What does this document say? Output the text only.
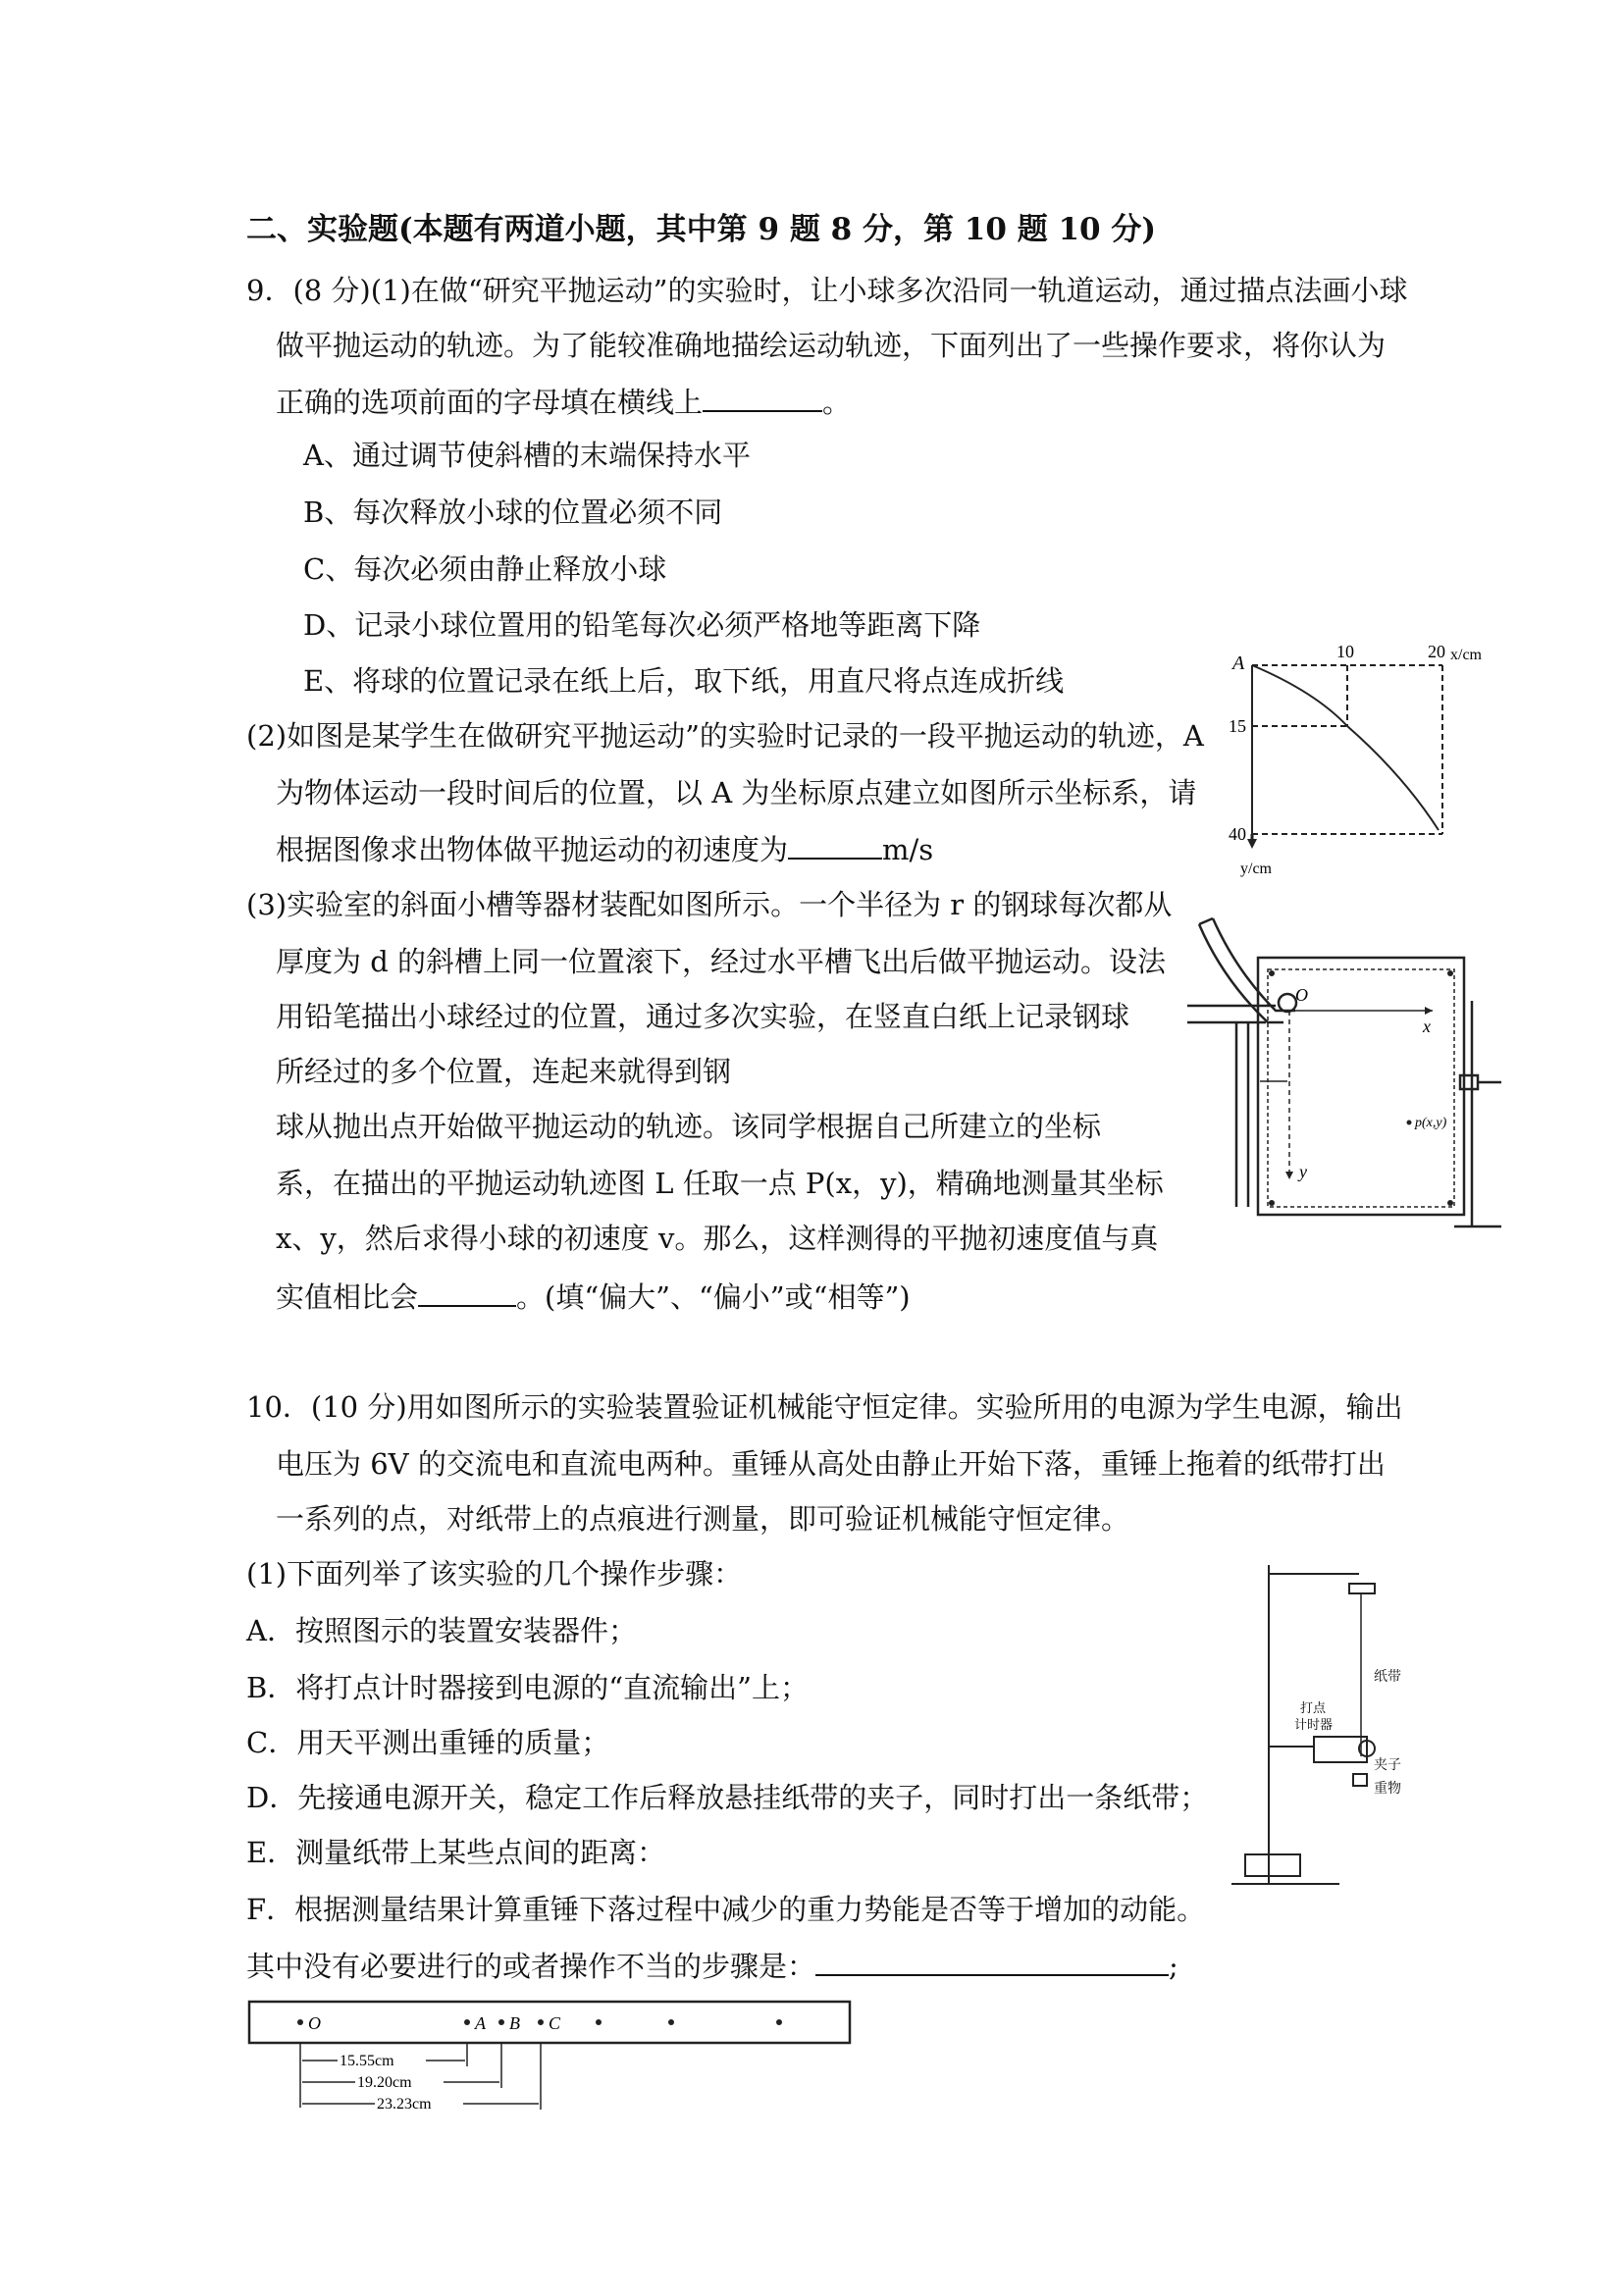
二、实验题(本题有两道小题，其中第 9 题 8 分，第 10 题 10 分)
9．(8 分)(1)在做“研究平抛运动”的实验时，让小球多次沿同一轨道运动，通过描点法画小球
做平抛运动的轨迹。为了能较准确地描绘运动轨迹，下面列出了一些操作要求，将你认为
正确的选项前面的字母填在横线上	。
A、通过调节使斜槽的末端保持水平
B、每次释放小球的位置必须不同
C、每次必须由静止释放小球
D、记录小球位置用的铅笔每次必须严格地等距离下降
E、将球的位置记录在纸上后，取下纸，用直尺将点连成折线
(2)如图是某学生在做研究平抛运动”的实验时记录的一段平抛运动的轨迹，A
为物体运动一段时间后的位置，以 A 为坐标原点建立如图所示坐标系，请
根据图像求出物体做平抛运动的初速度为	m/s
(3)实验室的斜面小槽等器材装配如图所示。一个半径为 r 的钢球每次都从
厚度为 d 的斜槽上同一位置滚下，经过水平槽飞出后做平抛运动。设法
用铅笔描出小球经过的位置，通过多次实验，在竖直白纸上记录钢球
所经过的多个位置，连起来就得到钢
球从抛出点开始做平抛运动的轨迹。该同学根据自己所建立的坐标
系，在描出的平抛运动轨迹图 L 任取一点 P(x，y)，精确地测量其坐标
x、y，然后求得小球的初速度 v。那么，这样测得的平抛初速度值与真
实值相比会	。(填“偏大”、“偏小”或“相等”)
A
10	20 x/cm
15
40
y/cm
O
x
y
p(x,y)
10．(10 分)用如图所示的实验装置验证机械能守恒定律。实验所用的电源为学生电源，输出
电压为 6V 的交流电和直流电两种。重锤从高处由静止开始下落，重锤上拖着的纸带打出
一系列的点，对纸带上的点痕进行测量，即可验证机械能守恒定律。
(1)下面列举了该实验的几个操作步骤：
A．按照图示的装置安装器件；
B．将打点计时器接到电源的“直流输出”上；
C．用天平测出重锤的质量；
D．先接通电源开关，稳定工作后释放悬挂纸带的夹子，同时打出一条纸带；
E．测量纸带上某些点间的距离：
F．根据测量结果计算重锤下落过程中减少的重力势能是否等于增加的动能。
其中没有必要进行的或者操作不当的步骤是：	;
打点
计时器
纸带
夹子
重物
O	A B C
15.55cm
19.20cm
23.23cm
